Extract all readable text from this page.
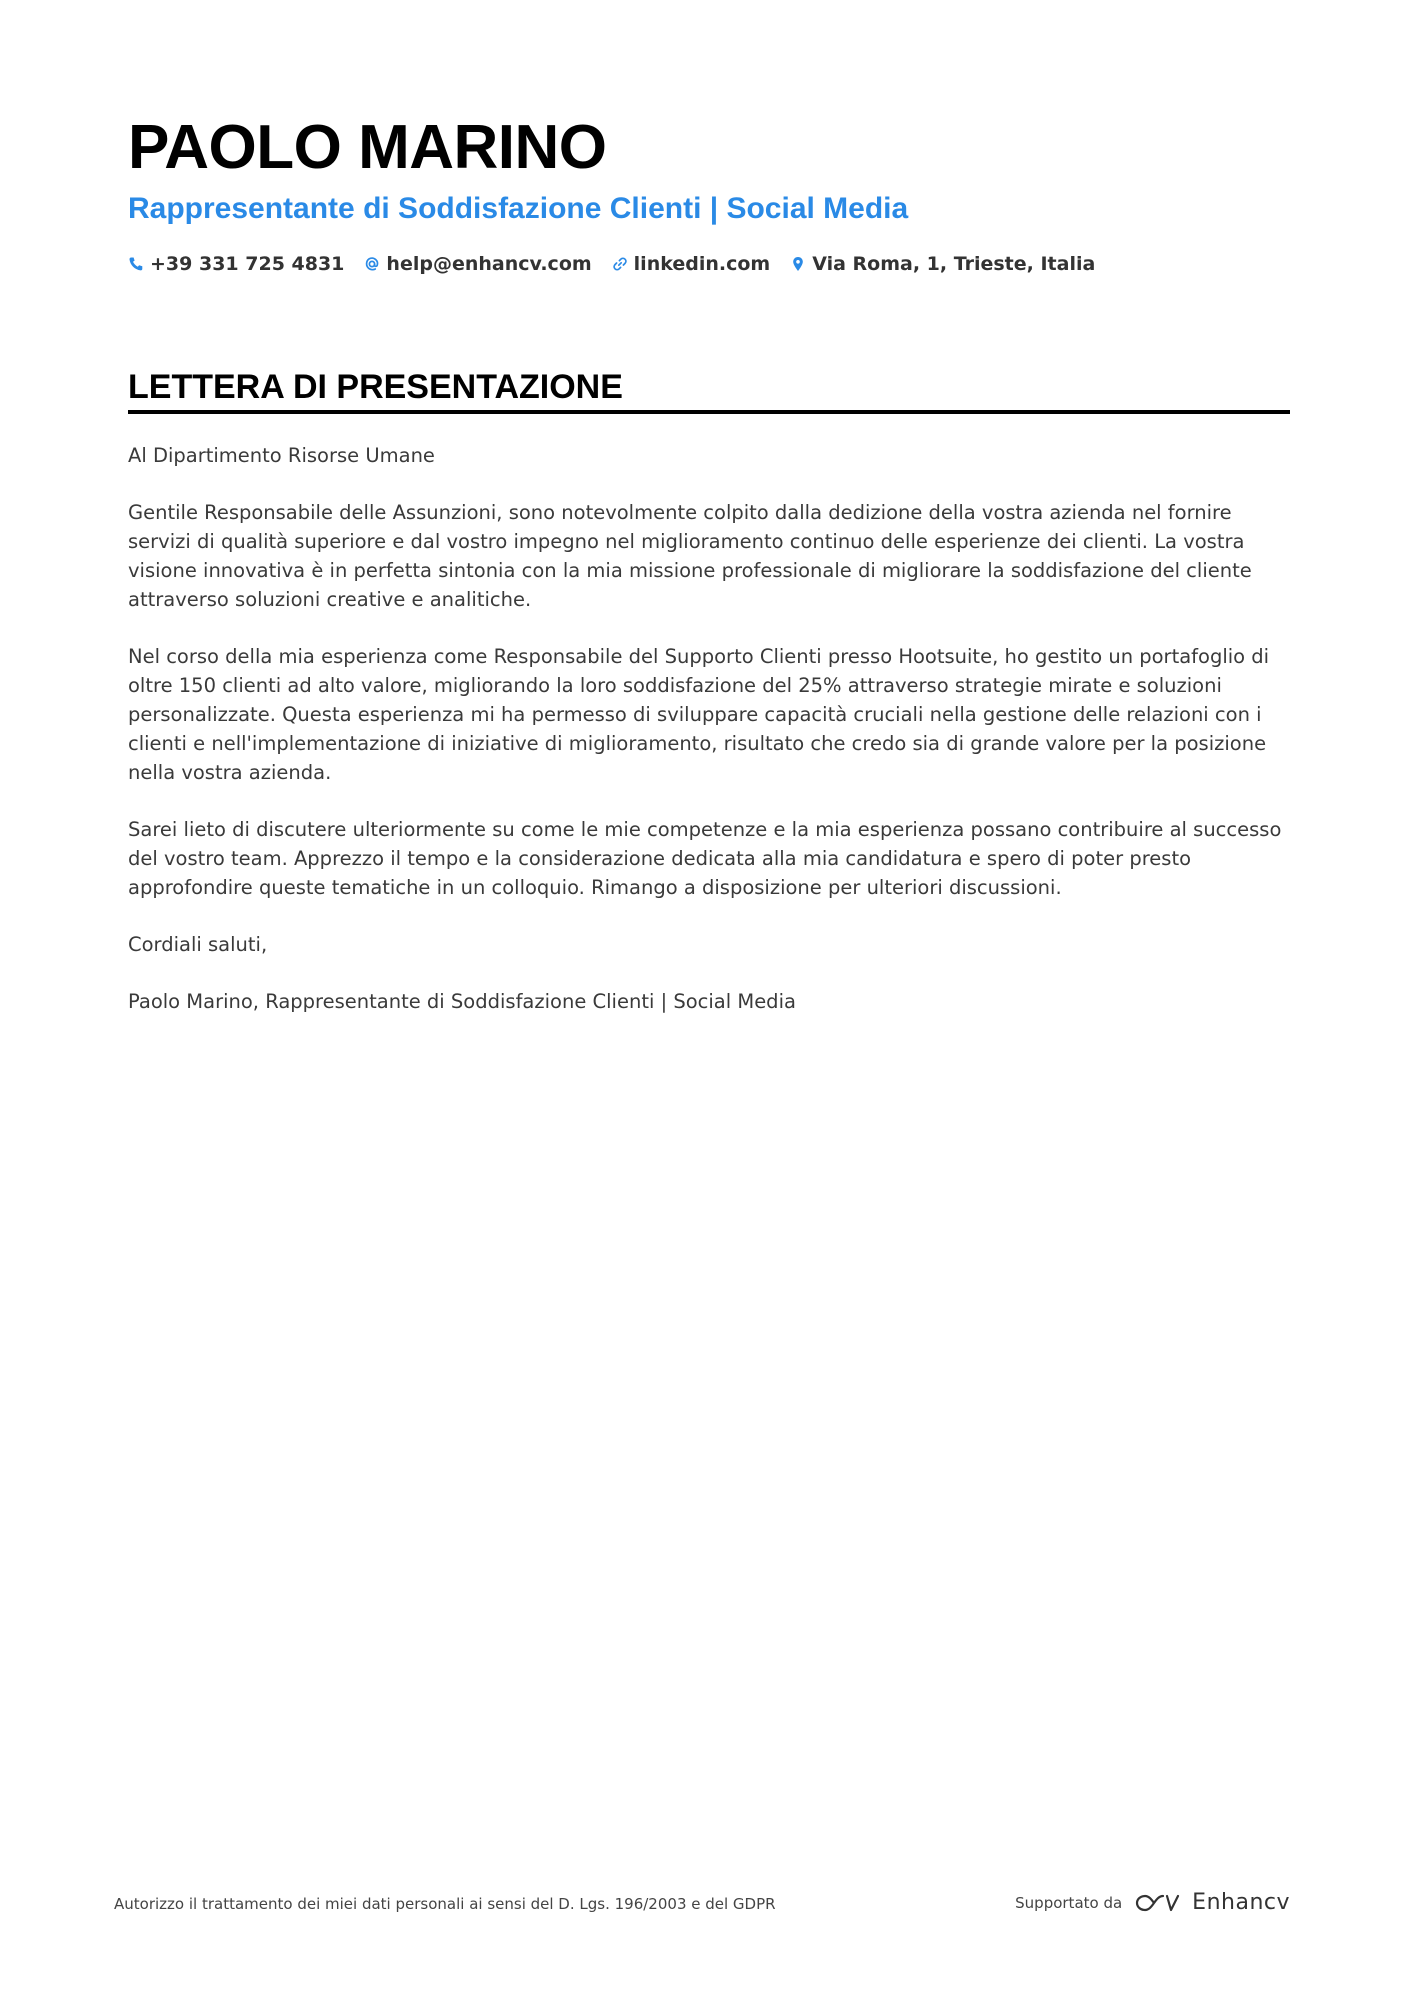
PAOLO MARINO
Rappresentante di Soddisfazione Clienti | Social Media
+39 331 725 4831 help@enhancv.com linkedin.com Via Roma, 1, Trieste, Italia
LETTERA DI PRESENTAZIONE

Al Dipartimento Risorse Umane

Gentile Responsabile delle Assunzioni, sono notevolmente colpito dalla dedizione della vostra azienda nel fornire servizi di qualità superiore e dal vostro impegno nel miglioramento continuo delle esperienze dei clienti. La vostra visione innovativa è in perfetta sintonia con la mia missione professionale di migliorare la soddisfazione del cliente attraverso soluzioni creative e analitiche.

Nel corso della mia esperienza come Responsabile del Supporto Clienti presso Hootsuite, ho gestito un portafoglio di oltre 150 clienti ad alto valore, migliorando la loro soddisfazione del 25% attraverso strategie mirate e soluzioni personalizzate. Questa esperienza mi ha permesso di sviluppare capacità cruciali nella gestione delle relazioni con i clienti e nell'implementazione di iniziative di miglioramento, risultato che credo sia di grande valore per la posizione nella vostra azienda.

Sarei lieto di discutere ulteriormente su come le mie competenze e la mia esperienza possano contribuire al successo del vostro team. Apprezzo il tempo e la considerazione dedicata alla mia candidatura e spero di poter presto approfondire queste tematiche in un colloquio. Rimango a disposizione per ulteriori discussioni.

Cordiali saluti,

Paolo Marino, Rappresentante di Soddisfazione Clienti | Social Media

Autorizzo il trattamento dei miei dati personali ai sensi del D. Lgs. 196/2003 e del GDPR	Supportato da	Enhancv
